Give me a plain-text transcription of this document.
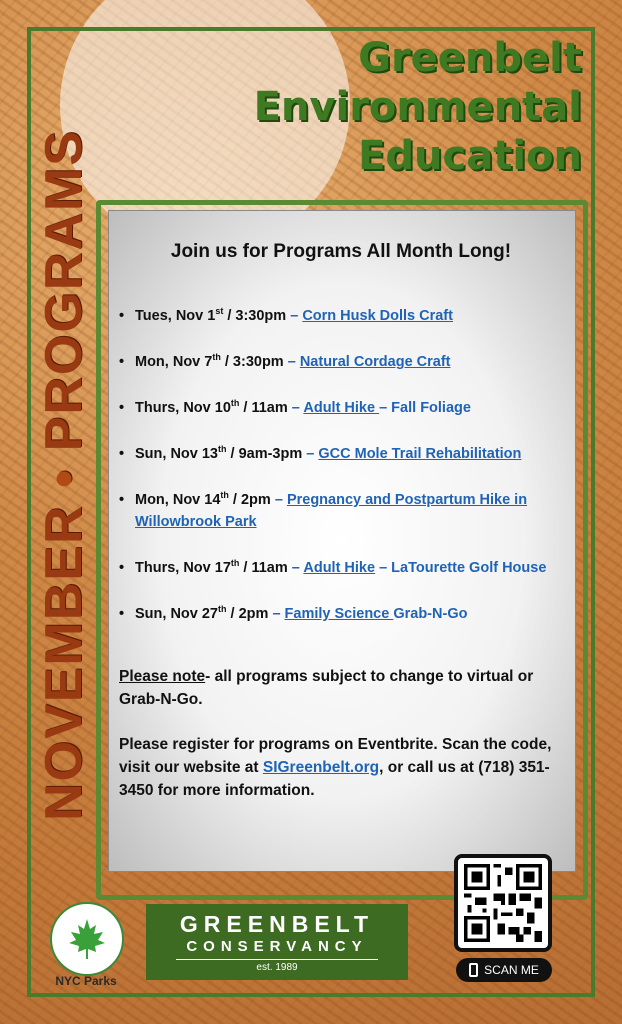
NOVEMBER • PROGRAMS
Greenbelt
Environmental
Education
Join us for Programs All Month Long!
• Tues, Nov 1st / 3:30pm – Corn Husk Dolls Craft
• Mon, Nov 7th / 3:30pm – Natural Cordage Craft
• Thurs, Nov 10th / 11am – Adult Hike – Fall Foliage
• Sun, Nov 13th / 9am-3pm – GCC Mole Trail Rehabilitation
• Mon, Nov 14th / 2pm – Pregnancy and Postpartum Hike in Willowbrook Park
• Thurs, Nov 17th / 11am – Adult Hike – LaTourette Golf House
• Sun, Nov 27th / 2pm – Family Science Grab-N-Go

Please note- all programs subject to change to virtual or Grab-N-Go.

Please register for programs on Eventbrite. Scan the code, visit our website at SIGreenbelt.org, or call us at (718) 351-3450 for more information.

NYC Parks
GREENBELT
CONSERVANCY
est. 1989	SCAN ME
